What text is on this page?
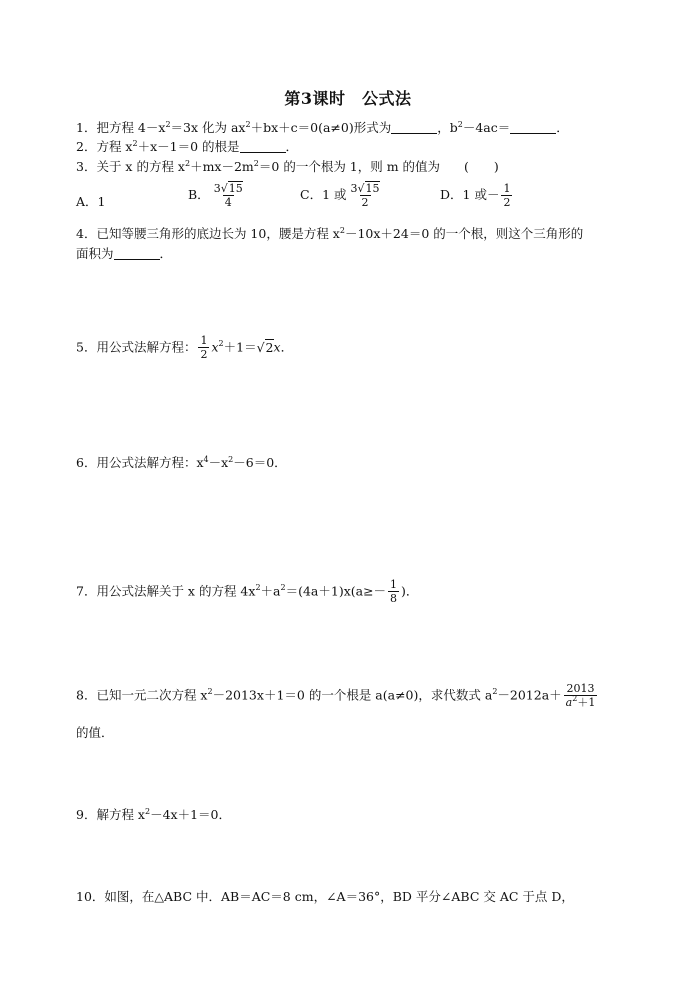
第3课时　公式法
1．把方程 $4-x^2=3x$ 化为 $ax^2+bx+c=0(a\ne 0)$形式为	，$b^2-4ac=$	．
2．方程 $x^2+x-1=0$ 的根是	．
3．关于 x 的方程 $x^2+mx-2m^2=0$ 的一个根为 1，则 m 的值为 (　　)
A．1	B． $\frac{3√15}{4}$	C．1 或 $\frac{3√15}{2}$	D．1 或－ $\frac{1}{2}$
4．已知等腰三角形的底边长为 10，腰是方程 $x^2-10x+24=0$ 的一个根，则这个三角形的
面积为	．
5．用公式法解方程： $\frac{1}{2} x^2+1=√2x$．
6．用公式法解方程：$x^4-x^2-6=0$．
7．用公式法解关于 x 的方程 $4x^2+a^2=(4a+1)x(a\ge- \frac{1}{8}$ )．
8．已知一元二次方程 $x^2-2013x+1=0$ 的一个根是 a(a≠0)，求代数式 $a^2-2012a+ \frac{2013}{a^2+1}$
的值．
9．解方程 $x^2-4x+1=0$．
10．如图，在△ABC 中．AB＝AC＝8 cm，∠A＝36°，BD 平分∠ABC 交 AC 于点 D，
